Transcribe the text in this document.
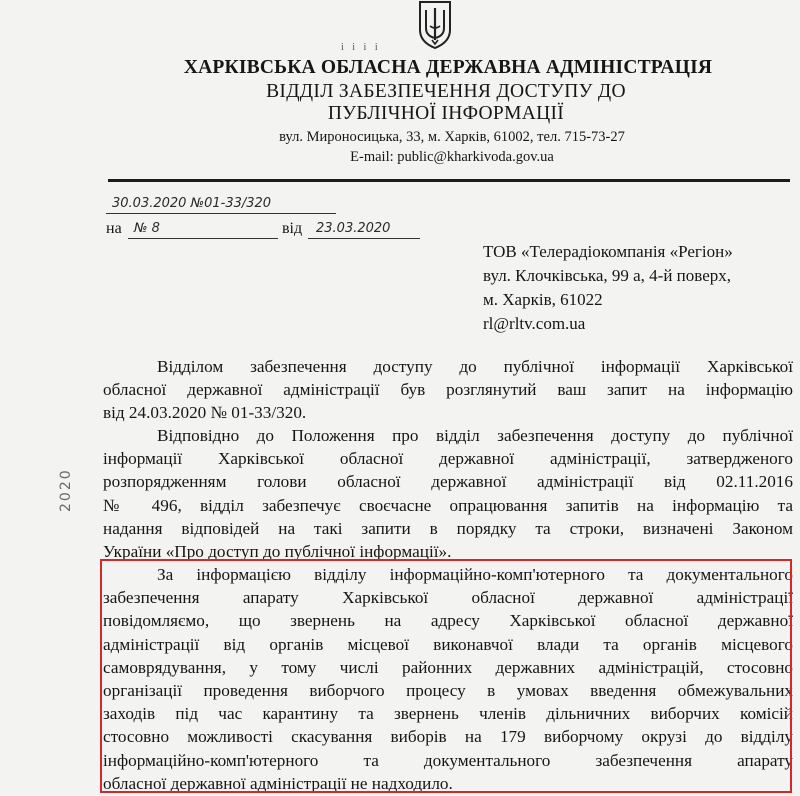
і і і і
ХАРКІВСЬКА ОБЛАСНА ДЕРЖАВНА АДМІНІСТРАЦІЯ
ВІДДІЛ ЗАБЕЗПЕЧЕННЯ ДОСТУПУ ДО
ПУБЛІЧНОЇ ІНФОРМАЦІЇ
вул. Мироносицька, 33, м. Харків, 61002, тел. 715-73-27
E-mail: public@kharkivoda.gov.ua
30.03.2020 №01-33/320
на № 8	від 23.03.2020
ТОВ «Телерадіокомпанія «Регіон»
вул. Клочківська, 99 а, 4-й поверх,
м. Харків, 61022
rl@rltv.com.ua
Відділом забезпечення доступу до публічної інформації Харківської
обласної державної адміністрації був розглянутий ваш запит на інформацію
від 24.03.2020 № 01-33/320.
Відповідно до Положення про відділ забезпечення доступу до публічної
інформації Харківської обласної державної адміністрації, затвердженого
розпорядженням голови обласної державної адміністрації від 02.11.2016
№ 496, відділ забезпечує своєчасне опрацювання запитів на інформацію та
надання відповідей на такі запити в порядку та строки, визначені Законом
України «Про доступ до публічної інформації».
За інформацією відділу інформаційно-комп'ютерного та документального
забезпечення апарату Харківської обласної державної адміністрації
повідомляємо, що звернень на адресу Харківської обласної державної
адміністрації від органів місцевої виконавчої влади та органів місцевого
самоврядування, у тому числі районних державних адміністрацій, стосовно
організації проведення виборчого процесу в умовах введення обмежувальних
заходів під час карантину та звернень членів дільничних виборчих комісій
стосовно можливості скасування виборів на 179 виборчому окрузі до відділу
інформаційно-комп'ютерного та документального забезпечення апарату
обласної державної адміністрації не надходило.
2020
